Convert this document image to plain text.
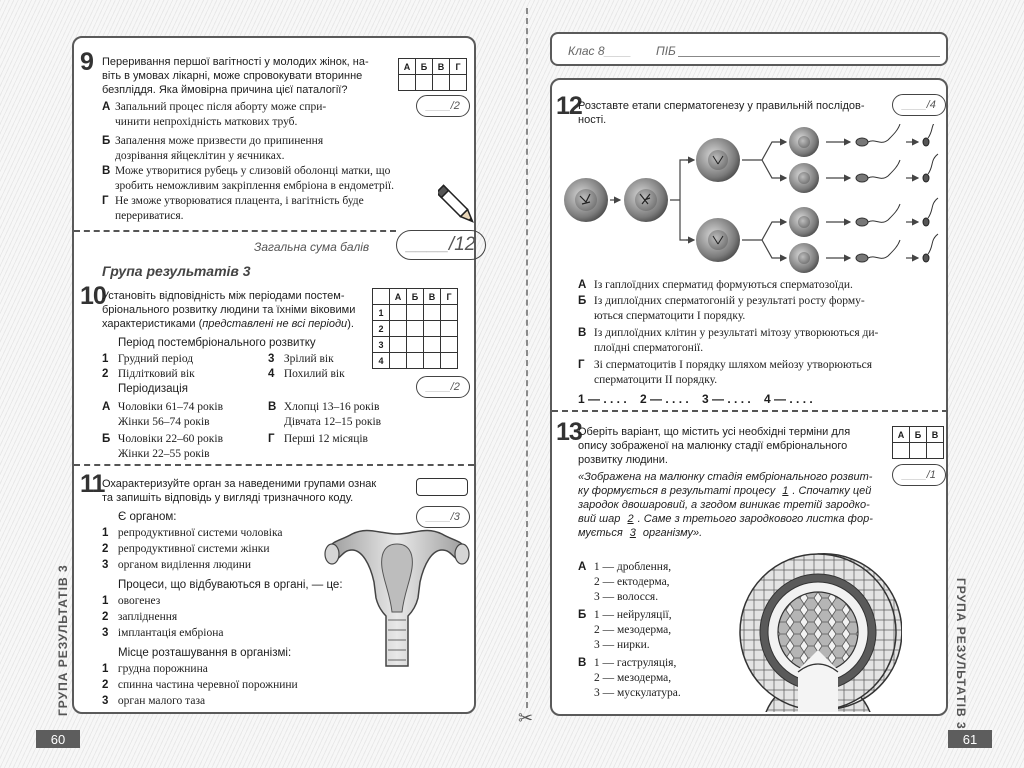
9 Переривання першої вагітності у молодих жінок, на-
віть в умовах лікарні, може спровокувати вторинне
безпліддя. Яка ймовірна причина цієї паталогії?
А	Б	В	Г

____ /2
А Запальний процес після аборту може спри-
чинити непрохідність маткових труб.
Б Запалення може призвести до припинення
дозрівання яйцеклітин у яєчниках.
В Може утворитися рубець у слизовій оболонці матки, що
зробить неможливим закріплення ембріона в ендометрії.
Г Не зможе утворюватися плацента, і вагітність буде
перериватися.
Загальна сума балів ____ /12
Група результатів 3
10
Установіть відповідність між періодами постем-
бріонального розвитку людини та їхніми віковими
характеристиками (представлені не всі періоди).
	А	Б	В	Г
1				
2				
3				
4				
Період постембріонального розвитку
1 Грудний період	3 Зрілий вік
2 Підлітковий вік	4 Похилий вік
Періодизація	____ /2
А Чоловіки 61–74 років
Жінки 56–74 років
В Хлопці 13–16 років
Дівчата 12–15 років
Б Чоловіки 22–60 років
Жінки 22–55 років
Г Перші 12 місяців
11
Охарактеризуйте орган за наведеними групами ознак
та запишіть відповідь у вигляді тризначного коду.
____ /3
Є органом:
1 репродуктивної системи чоловіка
2 репродуктивної системи жінки
3 органом виділення людини
Процеси, що відбуваються в органі, — це:
1 овогенез
2 запліднення
3 імплантація ембріона
Місце розташування в організмі:
1 грудна порожнина
2 спинна частина черевної порожнини
3 орган малого таза
ГРУПА РЕЗУЛЬТАТІВ 3
60
✂
Клас 8____ ПІБ
12
Розставте етапи сперматогенезу у правильній послідов-
ності.
____ /4
А Із гаплоїдних сперматид формуються сперматозоїди.
Б Із диплоїдних сперматогоній у результаті росту форму-
ються сперматоцити I порядку.
В Із диплоїдних клітин у результаті мітозу утворюються ди-
плоїдні сперматогонії.
Г Зі сперматоцитів I порядку шляхом мейозу утворюються
сперматоцити II порядку.
1 — . . . .    2 — . . . .    3 — . . . .    4 — . . . .
13
Оберіть варіант, що містить усі необхідні терміни для
опису зображеної на малюнку стадії ембріонального
розвитку людини.
А	Б	В

____ /1
«Зображена на малюнку стадія ембріонального розвит-
ку формується в результаті процесу 1 . Спочатку цей
зародок двошаровий, а згодом виникає третій зародко-
вий шар 2 . Саме з третього зародкового листка фор-
мується 3 організму».
А 1 — дроблення,
2 — ектодерма,
3 — волосся.
Б 1 — нейруляції,
2 — мезодерма,
3 — нирки.
В 1 — гаструляція,
2 — мезодерма,
3 — мускулатура.	ГРУПА РЕЗУЛЬТАТІВ 3
61
